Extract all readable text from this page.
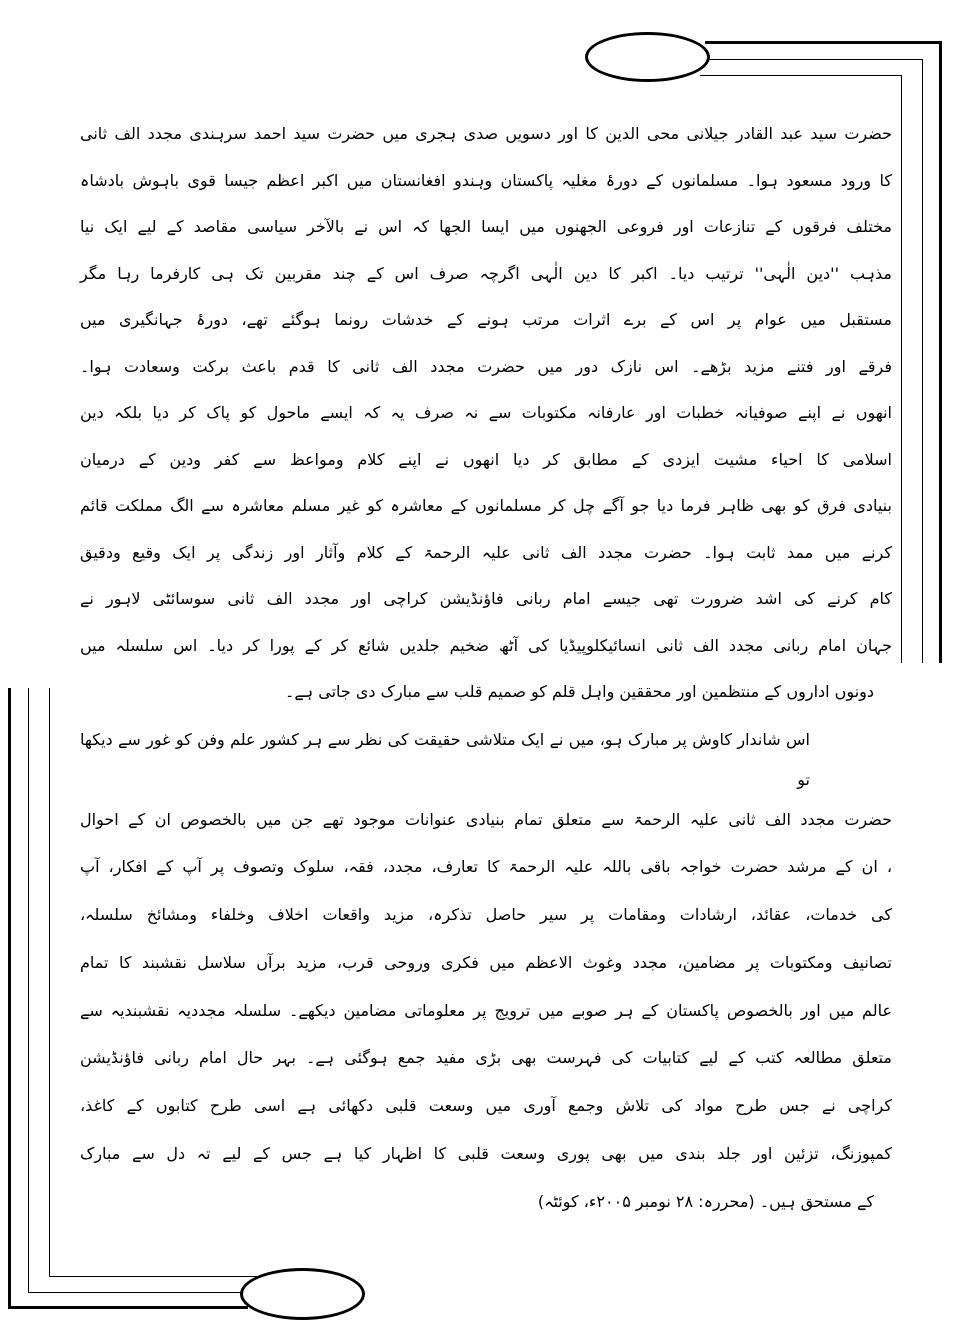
حضرت سید عبد القادر جیلانی محی الدین کا اور دسویں صدی ہجری میں حضرت سید احمد سرہندی مجدد الف ثانی
کا ورود مسعود ہوا۔ مسلمانوں کے دورۂ مغلیہ پاکستان وہندو افغانستان میں اکبر اعظم جیسا قوی باہوش بادشاہ
مختلف فرقوں کے تنازعات اور فروعی الجھنوں میں ایسا الجھا کہ اس نے بالآخر سیاسی مقاصد کے لیے ایک نیا
مذہب ''دین الٰہی'' ترتیب دیا۔ اکبر کا دین الٰہی اگرچہ صرف اس کے چند مقربین تک ہی کارفرما رہا مگر
مستقبل میں عوام پر اس کے برے اثرات مرتب ہونے کے خدشات رونما ہوگئے تھے، دورۂ جہانگیری میں
فرقے اور فتنے مزید بڑھے۔ اس نازک دور میں حضرت مجدد الف ثانی کا قدم باعث برکت وسعادت ہوا۔
انھوں نے اپنے صوفیانہ خطبات اور عارفانہ مکتوبات سے نہ صرف یہ کہ ایسے ماحول کو پاک کر دیا بلکہ دین
اسلامی کا احیاء مشیت ایزدی کے مطابق کر دیا انھوں نے اپنے کلام ومواعظ سے کفر ودین کے درمیان
بنیادی فرق کو بھی ظاہر فرما دیا جو آگے چل کر مسلمانوں کے معاشرہ کو غیر مسلم معاشرہ سے الگ مملکت قائم
کرنے میں ممد ثابت ہوا۔ حضرت مجدد الف ثانی علیہ الرحمۃ کے کلام وآثار اور زندگی پر ایک وقیع ودقیق
کام کرنے کی اشد ضرورت تھی جیسے امام ربانی فاؤنڈیشن کراچی اور مجدد الف ثانی سوسائٹی لاہور نے
جہان امام ربانی مجدد الف ثانی انسائیکلوپیڈیا کی آٹھ ضخیم جلدیں شائع کر کے پورا کر دیا۔ اس سلسلہ میں
دونوں اداروں کے منتظمین اور محققین واہل قلم کو صمیم قلب سے مبارک دی جاتی ہے۔
اس شاندار کاوش پر مبارک ہو، میں نے ایک متلاشی حقیقت کی نظر سے ہر کشور علم وفن کو غور سے دیکھا تو
حضرت مجدد الف ثانی علیہ الرحمۃ سے متعلق تمام بنیادی عنوانات موجود تھے جن میں بالخصوص ان کے احوال
، ان کے مرشد حضرت خواجہ باقی باللہ علیہ الرحمۃ کا تعارف، مجدد، فقہ، سلوک وتصوف پر آپ کے افکار، آپ
کی خدمات، عقائد، ارشادات ومقامات پر سیر حاصل تذکرہ، مزید واقعات اخلاف وخلفاء ومشائخ سلسلہ،
تصانیف ومکتوبات پر مضامین، مجدد وغوث الاعظم میں فکری وروحی قرب، مزید برآں سلاسل نقشبند کا تمام
عالم میں اور بالخصوص پاکستان کے ہر صوبے میں ترویج پر معلوماتی مضامین دیکھے۔ سلسلہ مجددیہ نقشبندیہ سے
متعلق مطالعہ کتب کے لیے کتابیات کی فہرست بھی بڑی مفید جمع ہوگئی ہے۔ بہر حال امام ربانی فاؤنڈیشن
کراچی نے جس طرح مواد کی تلاش وجمع آوری میں وسعت قلبی دکھائی ہے اسی طرح کتابوں کے کاغذ،
کمپوزنگ، تزئین اور جلد بندی میں بھی پوری وسعت قلبی کا اظہار کیا ہے جس کے لیے تہ دل سے مبارک
کے مستحق ہیں۔ (محررہ: ۲۸ نومبر ۲۰۰۵ء، کوئٹہ)
